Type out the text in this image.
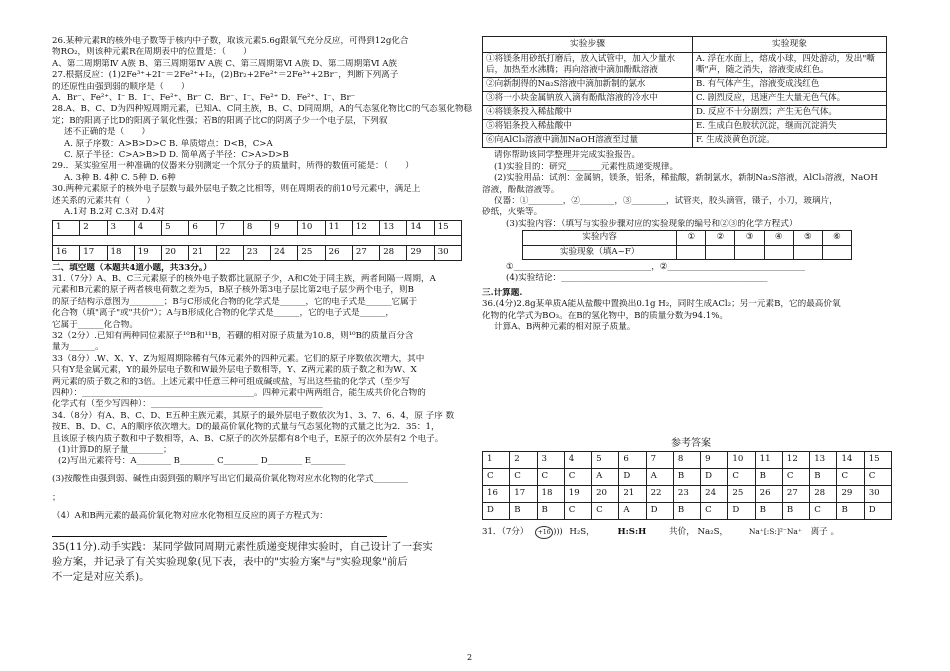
26.某种元素R的核外电子数等于核内中子数，取该元素5.6g跟氧气充分反应，可得到12g化合
物RO₂，则该种元素R在周期表中的位置是：（　　）
A、第二周期第Ⅳ A族 B、第三周期第Ⅳ A族 C、第三周期第Ⅵ A族 D、第二周期第Ⅵ A族
27.根据反应：(1)2Fe³⁺+2I⁻＝2Fe²⁺+I₂，(2)Br₂+2Fe²⁺＝2Fe³⁺+2Br⁻，判断下列离子
的还原性由强到弱的顺序是（　　）
A．Br⁻、Fe²⁺、I⁻ B．I⁻、Fe²⁺、Br⁻ C．Br⁻、I⁻、Fe²⁺ D．Fe²⁺、I⁻、Br⁻
28.A、B、C、D为四种短周期元素，已知A、C同主族，B、C、D同周期，A的气态氢化物比C的气态氢化物稳
定；B的阳离子比D的阳离子氧化性强；若B的阳离子比C的阴离子少一个电子层，下列叙
述不正确的是（　　）
A. 原子序数：A>B>D>C B. 单质熔点：D<B，C>A
C. 原子半径：C>A>B>D D. 简单离子半径：C>A>D>B
29.．某实验室用一种准确的仪器来分别测定一个氘分子的质量时，所得的数值可能是：（　　）
A. 3种 B. 4种 C. 5种 D. 6种
30.两种元素原子的核外电子层数与最外层电子数之比相等，则在周期表的前10号元素中，满足上
述关系的元素共有（　　）
A.1对 B.2对 C.3对 D.4对
1	2	3	4	5	6	7	8	9	10	11	12	13	14	15

16	17	18	19	20	21	22	23	24	25	26	27	28	29	30
二、填空题（本题共4道小题，共33分。）
31.（7分）A、B、C三元素原子的核外电子数都比氩原子少，A和C处于同主族，两者间隔一周期，A
元素和B元素的原子两者核电荷数之差为5，B原子核外第3电子层比第2电子层少两个电子，则B
的原子结构示意图为________；B与C形成化合物的化学式是______，它的电子式是______它属于
化合物（填"离子"或"共价"）；A与B形成化合物的化学式是______，它的电子式是______，
它属于______化合物。
32（2分）.已知有两种同位素原子¹⁰B和¹¹B，若硼的相对原子质量为10.8，则¹⁰B的质量百分含
量为______。
33（8分）.W、X、Y、Z为短周期除稀有气体元素外的四种元素。它们的原子序数依次增大，其中
只有Y是金属元素，Y的最外层电子数和W最外层电子数相等，Y、Z两元素的质子数之和为W、X
两元素的质子数之和的3倍。上述元素中任意三种可组成碱或盐，写出这些盐的化学式（至少写
四种）：________________________________________。四种元素中两两组合，能生成共价化合物的
化学式有（至少写四种）：________________________________________
34.（8分）有A、B、C、D、E五种主族元素，其原子的最外层电子数依次为1、3、7、6、4，原 子序 数
按E、B、D、C、A的顺序依次增大。D的最高价氧化物的式量与气态氢化物的式量之比为2．35：1，
且该原子核内质子数和中子数相等，A、B、C原子的次外层都有8个电子，E原子的次外层有2 个电子。
(1)计算D的原子量________；
(2)写出元素符号：A________ B________ C________ D________ E________
(3)按酸性由强到弱、碱性由弱到强的顺序写出它们最高价氧化物对应水化物的化学式________
；
（4）A和B两元素的最高价氧化物对应水化物相互反应的离子方程式为：
35(11分).动手实践：某同学做同周期元素性质递变规律实验时，自己设计了一套实
验方案，并记录了有关实验现象(见下表，表中的"实验方案"与"实验现象"前后
不一定是对应关系)。
实验步骤	实验现象
①将镁条用砂纸打磨后，放入试管中，加入少量水后，加热至水沸腾；再向溶液中滴加酚酞溶液	A. 浮在水面上，熔成小球，四处游动，发出"嘶嘶"声，随之消失，溶液变成红色。
②向新制得的Na₂S溶液中滴加新制的氯水	B. 有气体产生，溶液变成浅红色
③将一小块金属钠放入滴有酚酞溶液的冷水中	C. 剧烈反应，迅速产生大量无色气体。
④将镁条投入稀盐酸中	D. 反应不十分剧烈；产生无色气体。
⑤将铝条投入稀盐酸中	E. 生成白色胶状沉淀，继而沉淀消失
⑥向AlCl₃溶液中滴加NaOH溶液至过量	F. 生成淡黄色沉淀。
请你帮助该同学整理并完成实验报告。
(1)实验目的：研究________元素性质递变规律。
(2)实验用品：试剂：金属钠，镁条，铝条，稀盐酸，新制氯水，新制Na₂S溶液，AlCl₃溶液，NaOH
溶液，酚酞溶液等。
仪器：①________，②________，③________，试管夹，胶头滴管，镊子，小刀，玻璃片，
砂纸，火柴等。
(3)实验内容：（填写与实验步骤对应的实验现象的编号和②③的化学方程式）
实验内容	①	②	③	④	⑤	⑥
实验现象（填A~F）						
①________________________________，②________________________________
(4)实验结论：________________________________________________
三.计算题.
36.(4分)2.8g某单质A能从盐酸中置换出0.1g H₂，同时生成ACl₂；另一元素B，它的最高价氧
化物的化学式为BO₃。在B的氢化物中，B的质量分数为94.1%。
计算A、B两种元素的相对原子质量。
参考答案
1	2	3	4	5	6	7	8	9	10	11	12	13	14	15
C	C	C	C	A	D	A	B	D	C	B	C	B	C	C
16	17	18	19	20	21	22	23	24	25	26	27	28	29	30
D	B	B	C	C	A	D	B	C	D	B	B	C	B	D
31．（7分） +16 ))) H₂S，	H:S:H	共价， Na₂S，	Na⁺[:S:]²⁻Na⁺ 离子 。
2
